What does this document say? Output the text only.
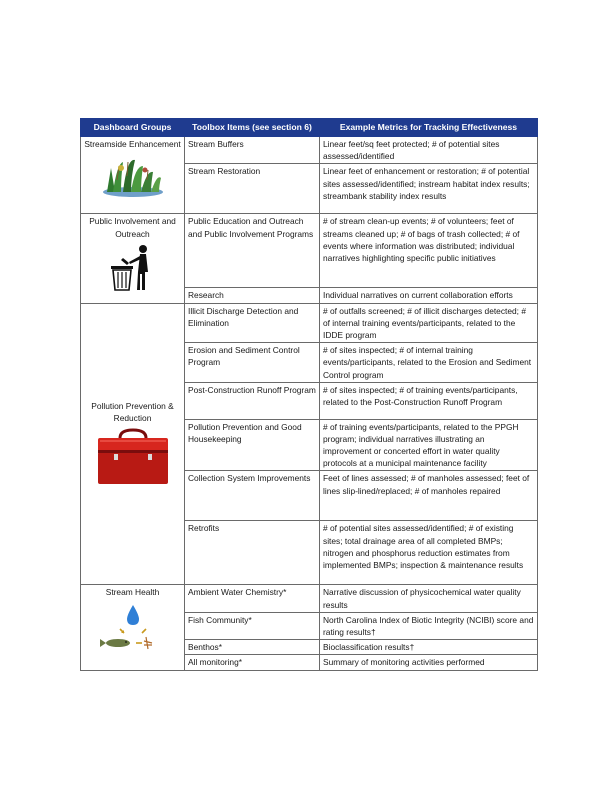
Dashboard Groups	Toolbox Items (see section 6)	Example Metrics for Tracking Effectiveness

Streamside Enhancement	Stream Buffers	Linear feet/sq feet protected; # of potential sites assessed/identified
	Stream Restoration	Linear feet of enhancement or restoration; # of potential sites assessed/identified; instream habitat index results; streambank stability index results

Public Involvement and Outreach	Public Education and Outreach and Public Involvement Programs	# of stream clean-up events; # of volunteers; feet of streams cleaned up; # of bags of trash collected; # of events where information was distributed; individual narratives highlighting specific public initiatives
	Research	Individual narratives on current collaboration efforts

Pollution Prevention & Reduction	Illicit Discharge Detection and Elimination	# of outfalls screened; # of illicit discharges detected; # of internal training events/participants, related to the IDDE program
	Erosion and Sediment Control Program	# of sites inspected; # of internal training events/participants, related to the Erosion and Sediment Control program
	Post-Construction Runoff Program	# of sites inspected; # of training events/participants, related to the Post-Construction Runoff Program
	Pollution Prevention and Good Housekeeping	# of training events/participants, related to the PPGH program; individual narratives illustrating an improvement or concerted effort in water quality protocols at a municipal maintenance facility
	Collection System Improvements	Feet of lines assessed; # of manholes assessed; feet of lines slip-lined/replaced; # of manholes repaired
	Retrofits	# of potential sites assessed/identified; # of existing sites; total drainage area of all completed BMPs; nitrogen and phosphorus reduction estimates from implemented BMPs; inspection & maintenance results

Stream Health	Ambient Water Chemistry*	Narrative discussion of physicochemical water quality results
	Fish Community*	North Carolina Index of Biotic Integrity (NCIBI) score and rating results†
	Benthos*	Bioclassification results†
	All monitoring*	Summary of monitoring activities performed
